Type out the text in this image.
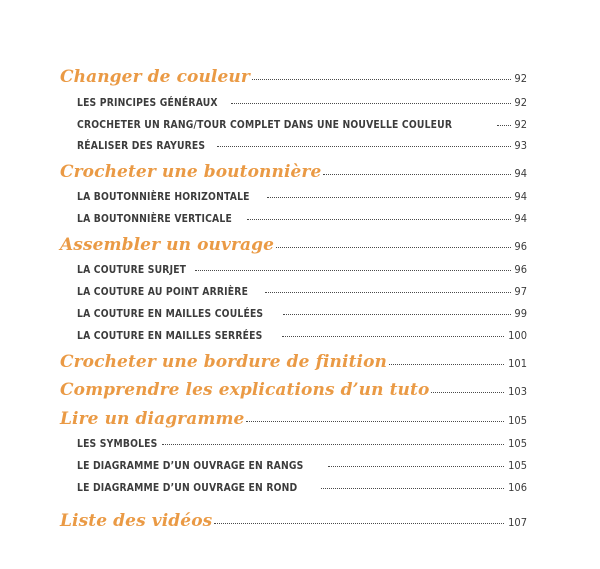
Changer de couleur	92
LES PRINCIPES GÉNÉRAUX	92
CROCHETER UN RANG/TOUR COMPLET DANS UNE NOUVELLE COULEUR	92
RÉALISER DES RAYURES	93
Crocheter une boutonnière	94
LA BOUTONNIÈRE HORIZONTALE	94
LA BOUTONNIÈRE VERTICALE	94
Assembler un ouvrage	96
LA COUTURE SURJET	96
LA COUTURE AU POINT ARRIÈRE	97
LA COUTURE EN MAILLES COULÉES	99
LA COUTURE EN MAILLES SERRÉES	100
Crocheter une bordure de finition	101
Comprendre les explications d’un tuto	103
Lire un diagramme	105
LES SYMBOLES	105
LE DIAGRAMME D’UN OUVRAGE EN RANGS	105
LE DIAGRAMME D’UN OUVRAGE EN ROND	106
Liste des vidéos	107
